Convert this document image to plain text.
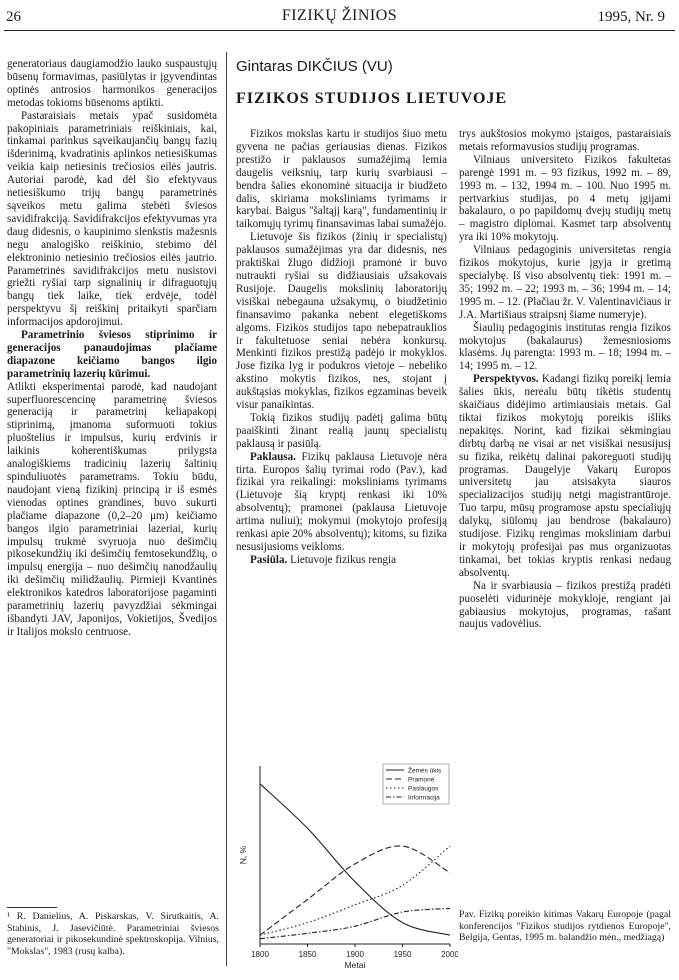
26	FIZIKŲ ŽINIOS	1995, Nr. 9

generatoriaus daugiamodžio lauko suspaustųjų būsenų formavimas, pasiūlytas ir įgyvendintas optinės antrosios harmonikos generacijos metodas tokioms būsenoms aptikti.

Pastaraisiais metais ypač susidomėta pakopiniais parametriniais reiškiniais, kai, tinkamai parinkus sąveikaujančių bangų fazių išderinimą, kvadratinis aplinkos netiesiškumas veikia kaip netiesinis trečiosios eilės jautris. Autoriai parodė, kad dėl šio efektyvaus netiesiškumo trijų bangų parametrinės sąveikos metu galima stebėti šviesos savidifrakciją. Savidifrakcijos efektyvumas yra daug didesnis, o kaupinimo slenkstis mažesnis negu analogiško reiškinio, stebimo dėl elektroninio netiesinio trečiosios eilės jautrio. Parametrinės savidifrakcijos metu nusistovi griežti ryšiai tarp signalinių ir difraguotųjų bangų tiek laike, tiek erdvėje, todėl perspektyvu šį reiškinį pritaikyti sparčiam informacijos apdorojimui.

Parametrinio šviesos stiprinimo ir generacijos panaudojimas plačiame diapazone keičiamo bangos ilgio parametrinių lazerių kūrimui.

Atlikti eksperimentai parodė, kad naudojant superfluorescencinę parametrinę šviesos generaciją ir parametrinį keliapakopį stiprinimą, įmanoma suformuoti tokius pluoštelius ir impulsus, kurių erdvinis ir laikinis koherentiškumas prilygsta analogiškiems tradicinių lazerių šaltinių spinduliuotės parametrams. Tokiu būdu, naudojant vieną fizikinį principą ir iš esmės vienodas optines grandines, buvo sukurti plačiame diapazone (0,2–20 μm) keičiamo bangos ilgio parametriniai lazeriai, kurių impulsų trukmė svyruoja nuo dešimčių pikosekundžių iki dešimčių femtosekundžių, o impulsų energija – nuo dešimčių nanodžaulių iki dešimčių milidžaulių. Pirmieji Kvantinės elektronikos katedros laboratorijose pagaminti parametrinių lazerių pavyzdžiai sėkmingai išbandyti JAV, Japonijos, Vokietijos, Švedijos ir Italijos mokslo centruose.

¹ R. Danielius, A. Piskarskas, V. Sirutkaitis, A. Stabinis, J. Jasevičiūtė. Parametriniai šviesos generatoriai ir pikosekundinė spektroskopija. Vilnius, "Mokslas", 1983 (rusų kalba).
Gintaras DIKČIUS (VU)
FIZIKOS STUDIJOS LIETUVOJE

Fizikos mokslas kartu ir studijos šiuo metu gyvena ne pačias geriausias dienas. Fizikos prestižo ir paklausos sumažėjimą lemia daugelis veiksnių, tarp kurių svarbiausi – bendra šalies ekonominė situacija ir biudžeto dalis, skiriama moksliniams tyrimams ir karybai. Baigus "šaltąjį karą", fundamentinių ir taikomųjų tyrimų finansavimas labai sumažėjo.

Lietuvoje šis fizikos (žinių ir specialistų) paklausos sumažėjimas yra dar didesnis, nes praktiškai žlugo didžioji pramonė ir buvo nutraukti ryšiai su didžiausiais užsakovais Rusijoje. Daugelis mokslinių laboratorijų visiškai nebegauna užsakymų, o biudžetinio finansavimo pakanka nebent elegetiškoms algoms. Fizikos studijos tapo nebepatrauklios ir fakultetuose seniai nebėra konkursų. Menkinti fizikos prestižą padėjo ir mokyklos. Jose fizika lyg ir podukros vietoje – nebeliko akstino mokytis fizikos, nes, stojant į aukštąsias mokyklas, fizikos egzaminas beveik visur panaikintas.

Tokią fizikos studijų padėtį galima būtų paaiškinti žinant realią jaunų specialistų paklausą ir pasiūlą.

Paklausa. Fizikų paklausa Lietuvoje nėra tirta. Europos šalių tyrimai rodo (Pav.), kad fizikai yra reikalingi: moksliniams tyrimams (Lietuvoje šią kryptį renkasi iki 10% absolventų); pramonei (paklausa Lietuvoje artima nuliui); mokymui (mokytojo profesiją renkasi apie 20% absolventų); kitoms, su fizika nesusijusioms veikloms.

Pasiūla. Lietuvoje fizikus rengia

trys aukštosios mokymo įstaigos, pastaraisiais metais reformavusios studijų programas.

Vilniaus universiteto Fizikos fakultetas parengė 1991 m. – 93 fizikus, 1992 m. – 89, 1993 m. – 132, 1994 m. – 100. Nuo 1995 m. pertvarkius studijas, po 4 metų įgijami bakalauro, o po papildomų dvejų studijų metų – magistro diplomai. Kasmet tarp absolventų yra iki 10% mokytojų.

Vilniaus pedagoginis universitetas rengia fizikos mokytojus, kurie įgyja ir gretimą specialybę. Iš viso absolventų tiek: 1991 m. – 35; 1992 m. – 22; 1993 m. – 36; 1994 m. – 14; 1995 m. – 12. (Plačiau žr. V. Valentinavičiaus ir J.A. Martišiaus straipsnį šiame numeryje).

Šiaulių pedagoginis institutas rengia fizikos mokytojus (bakalaurus) žemesniosioms klasėms. Jų parengta: 1993 m. – 18; 1994 m. – 14; 1995 m. – 12.

Perspektyvos. Kadangi fizikų poreikį lemia šalies ūkis, nerealu būtų tikėtis studentų skaičiaus didėjimo artimiausiais metais. Gal tiktai fizikos mokytojų poreikis išliks nepakitęs. Norint, kad fizikai sėkmingiau dirbtų darbą ne visai ar net visiškai nesusijusį su fizika, reikėtų dalinai pakoreguoti studijų programas. Daugelyje Vakarų Europos universitetų jau atsisakyta siauros specializacijos studijų netgi magistrantūroje. Tuo tarpu, mūsų programose apstu specialiųjų dalykų, siūlomų jau bendrose (bakalauro) studijose. Fizikų rengimas moksliniam darbui ir mokytojų profesijai pas mus organizuotas tinkamai, bet tokias kryptis renkasi nedaug absolventų.

Na ir svarbiausia – fizikos prestižą pradėti puoselėti vidurinėje mokykloje, rengiant jai gabiausius mokytojus, programas, rašant naujus vadovėlius.

1800	1850	1900	1950	2000
Metai
N, %
Žemės ūkis
Pramonė
Paslaugos
Informacija
Pav. Fizikų poreikio kitimas Vakarų Europoje (pagal konferencijos "Fizikos studijos rytdienos Europoje", Belgija, Gentas, 1995 m. balandžio mėn., medžiagą)
